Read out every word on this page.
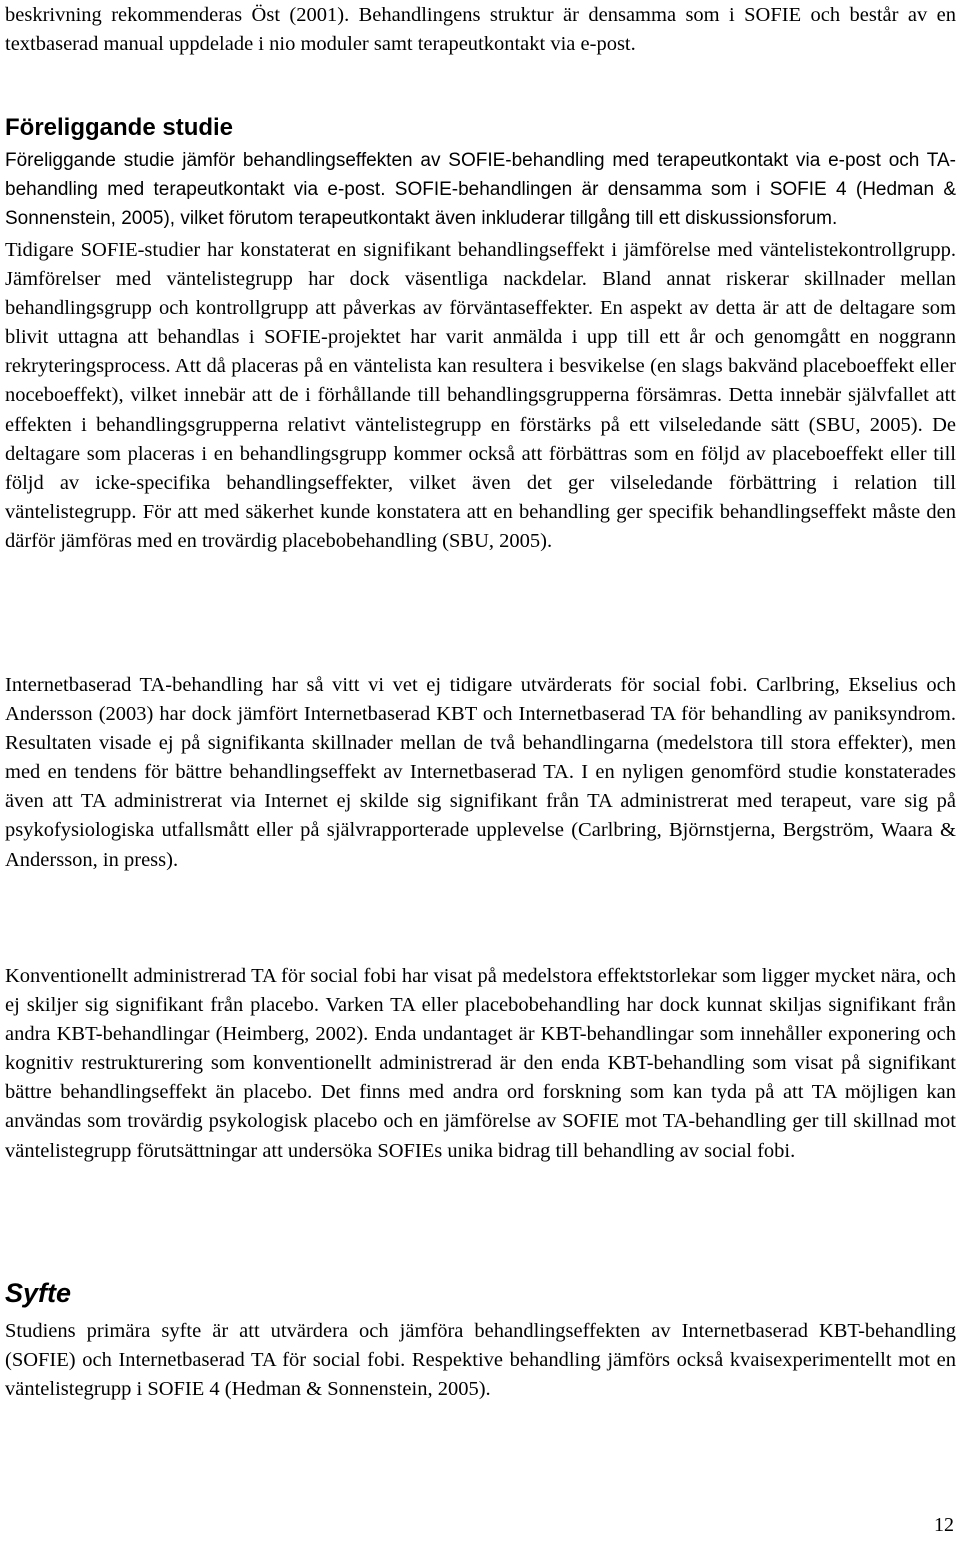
beskrivning rekommenderas Öst (2001). Behandlingens struktur är densamma som i SOFIE och består av en textbaserad manual uppdelade i nio moduler samt terapeutkontakt via e-post.

Föreliggande studie

Föreliggande studie jämför behandlingseffekten av SOFIE-behandling med terapeutkontakt via e-post och TA-behandling med terapeutkontakt via e-post. SOFIE-behandlingen är densamma som i SOFIE 4 (Hedman & Sonnenstein, 2005), vilket förutom terapeutkontakt även inkluderar tillgång till ett diskussionsforum.

Tidigare SOFIE-studier har konstaterat en signifikant behandlingseffekt i jämförelse med väntelistekontrollgrupp. Jämförelser med väntelistegrupp har dock väsentliga nackdelar. Bland annat riskerar skillnader mellan behandlingsgrupp och kontrollgrupp att påverkas av förväntaseffekter. En aspekt av detta är att de deltagare som blivit uttagna att behandlas i SOFIE-projektet har varit anmälda i upp till ett år och genomgått en noggrann rekryteringsprocess. Att då placeras på en väntelista kan resultera i besvikelse (en slags bakvänd placeboeffekt eller noceboeffekt), vilket innebär att de i förhållande till behandlingsgrupperna försämras. Detta innebär självfallet att effekten i behandlingsgrupperna relativt väntelistegrupp en förstärks på ett vilseledande sätt (SBU, 2005). De deltagare som placeras i en behandlingsgrupp kommer också att förbättras som en följd av placeboeffekt eller till följd av icke-specifika behandlingseffekter, vilket även det ger vilseledande förbättring i relation till väntelistegrupp. För att med säkerhet kunde konstatera att en behandling ger specifik behandlingseffekt måste den därför jämföras med en trovärdig placebobehandling (SBU, 2005).

Internetbaserad TA-behandling har så vitt vi vet ej tidigare utvärderats för social fobi. Carlbring, Ekselius och Andersson (2003) har dock jämfört Internetbaserad KBT och Internetbaserad TA för behandling av paniksyndrom. Resultaten visade ej på signifikanta skillnader mellan de två behandlingarna (medelstora till stora effekter), men med en tendens för bättre behandlingseffekt av Internetbaserad TA. I en nyligen genomförd studie konstaterades även att TA administrerat via Internet ej skilde sig signifikant från TA administrerat med terapeut, vare sig på psykofysiologiska utfallsmått eller på självrapporterade upplevelse (Carlbring, Björnstjerna, Bergström, Waara & Andersson, in press).

Konventionellt administrerad TA för social fobi har visat på medelstora effektstorlekar som ligger mycket nära, och ej skiljer sig signifikant från placebo. Varken TA eller placebobehandling har dock kunnat skiljas signifikant från andra KBT-behandlingar (Heimberg, 2002). Enda undantaget är KBT-behandlingar som innehåller exponering och kognitiv restrukturering som konventionellt administrerad är den enda KBT-behandling som visat på signifikant bättre behandlingseffekt än placebo. Det finns med andra ord forskning som kan tyda på att TA möjligen kan användas som trovärdig psykologisk placebo och en jämförelse av SOFIE mot TA-behandling ger till skillnad mot väntelistegrupp förutsättningar att undersöka SOFIEs unika bidrag till behandling av social fobi.

Syfte

Studiens primära syfte är att utvärdera och jämföra behandlingseffekten av Internetbaserad KBT-behandling (SOFIE) och Internetbaserad TA för social fobi. Respektive behandling jämförs också kvaisexperimentellt mot en väntelistegrupp i SOFIE 4 (Hedman & Sonnenstein, 2005).

12
